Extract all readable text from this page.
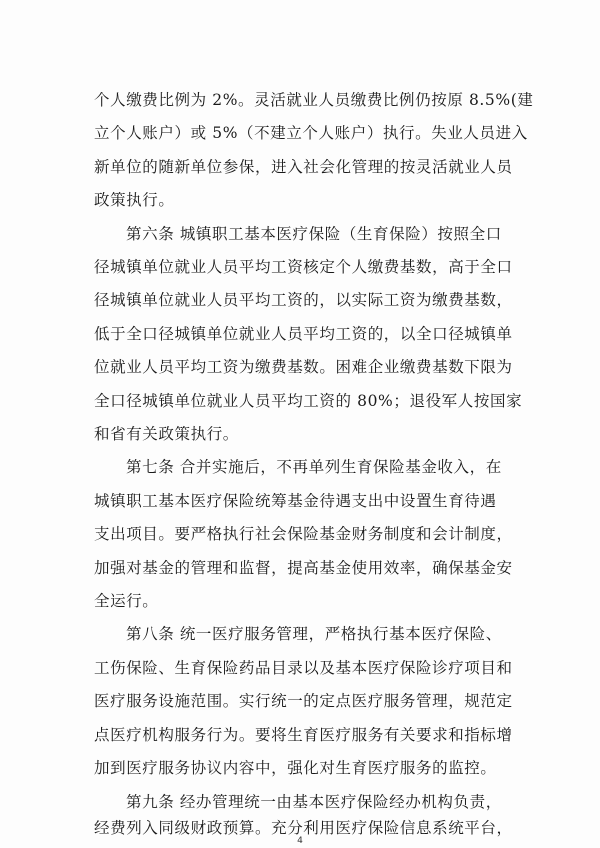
个人缴费比例为 2%。灵活就业人员缴费比例仍按原 8.5%(建
立个人账户）或 5%（不建立个人账户）执行。失业人员进入
新单位的随新单位参保，进入社会化管理的按灵活就业人员
政策执行。
第六条 城镇职工基本医疗保险（生育保险）按照全口
径城镇单位就业人员平均工资核定个人缴费基数，高于全口
径城镇单位就业人员平均工资的，以实际工资为缴费基数，
低于全口径城镇单位就业人员平均工资的，以全口径城镇单
位就业人员平均工资为缴费基数。困难企业缴费基数下限为
全口径城镇单位就业人员平均工资的 80%；退役军人按国家
和省有关政策执行。
第七条 合并实施后，不再单列生育保险基金收入，在
城镇职工基本医疗保险统筹基金待遇支出中设置生育待遇
支出项目。要严格执行社会保险基金财务制度和会计制度，
加强对基金的管理和监督，提高基金使用效率，确保基金安
全运行。
第八条 统一医疗服务管理，严格执行基本医疗保险、
工伤保险、生育保险药品目录以及基本医疗保险诊疗项目和
医疗服务设施范围。实行统一的定点医疗服务管理，规范定
点医疗机构服务行为。要将生育医疗服务有关要求和指标增
加到医疗服务协议内容中，强化对生育医疗服务的监控。
第九条 经办管理统一由基本医疗保险经办机构负责，
经费列入同级财政预算。充分利用医疗保险信息系统平台，
4
